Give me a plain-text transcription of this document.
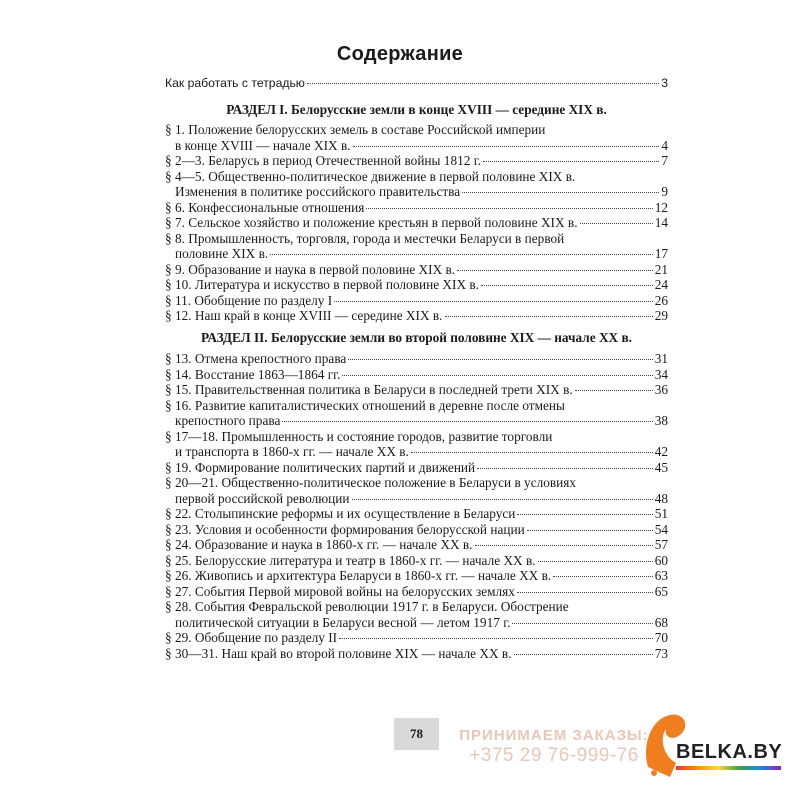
Содержание
Как работать с тетрадью	3
РАЗДЕЛ I. Белорусские земли в конце XVIII — середине XIX в.
§ 1. Положение белорусских земель в составе Российской империи
в конце XVIII — начале XIX в.	4
§ 2—3. Беларусь в период Отечественной войны 1812 г.	7
§ 4—5. Общественно-политическое движение в первой половине XIX в.
Изменения в политике российского правительства	9
§ 6. Конфессиональные отношения	12
§ 7. Сельское хозяйство и положение крестьян в первой половине XIX в.	14
§ 8. Промышленность, торговля, города и местечки Беларуси в первой
половине XIX в.	17
§ 9. Образование и наука в первой половине XIX в.	21
§ 10. Литература и искусство в первой половине XIX в.	24
§ 11. Обобщение по разделу I	26
§ 12. Наш край в конце XVIII — середине XIX в.	29
РАЗДЕЛ II. Белорусские земли во второй половине XIX — начале XX в.
§ 13. Отмена крепостного права	31
§ 14. Восстание 1863—1864 гг.	34
§ 15. Правительственная политика в Беларуси в последней трети XIX в.	36
§ 16. Развитие капиталистических отношений в деревне после отмены
крепостного права	38
§ 17—18. Промышленность и состояние городов, развитие торговли
и транспорта в 1860-х гг. — начале XX в.	42
§ 19. Формирование политических партий и движений	45
§ 20—21. Общественно-политическое положение в Беларуси в условиях
первой российской революции	48
§ 22. Столыпинские реформы и их осуществление в Беларуси	51
§ 23. Условия и особенности формирования белорусской нации	54
§ 24. Образование и наука в 1860-х гг. — начале XX в.	57
§ 25. Белорусские литература и театр в 1860-х гг. — начале XX в.	60
§ 26. Живопись и архитектура Беларуси в 1860-х гг. — начале XX в.	63
§ 27. События Первой мировой войны на белорусских землях	65
§ 28. События Февральской революции 1917 г. в Беларуси. Обострение
политической ситуации в Беларуси весной — летом 1917 г.	68
§ 29. Обобщение по разделу II	70
§ 30—31. Наш край во второй половине XIX — начале XX в.	73
78	ПРИНИМАЕМ ЗАКАЗЫ:
+375 29 76-999-76	BELKA.BY
